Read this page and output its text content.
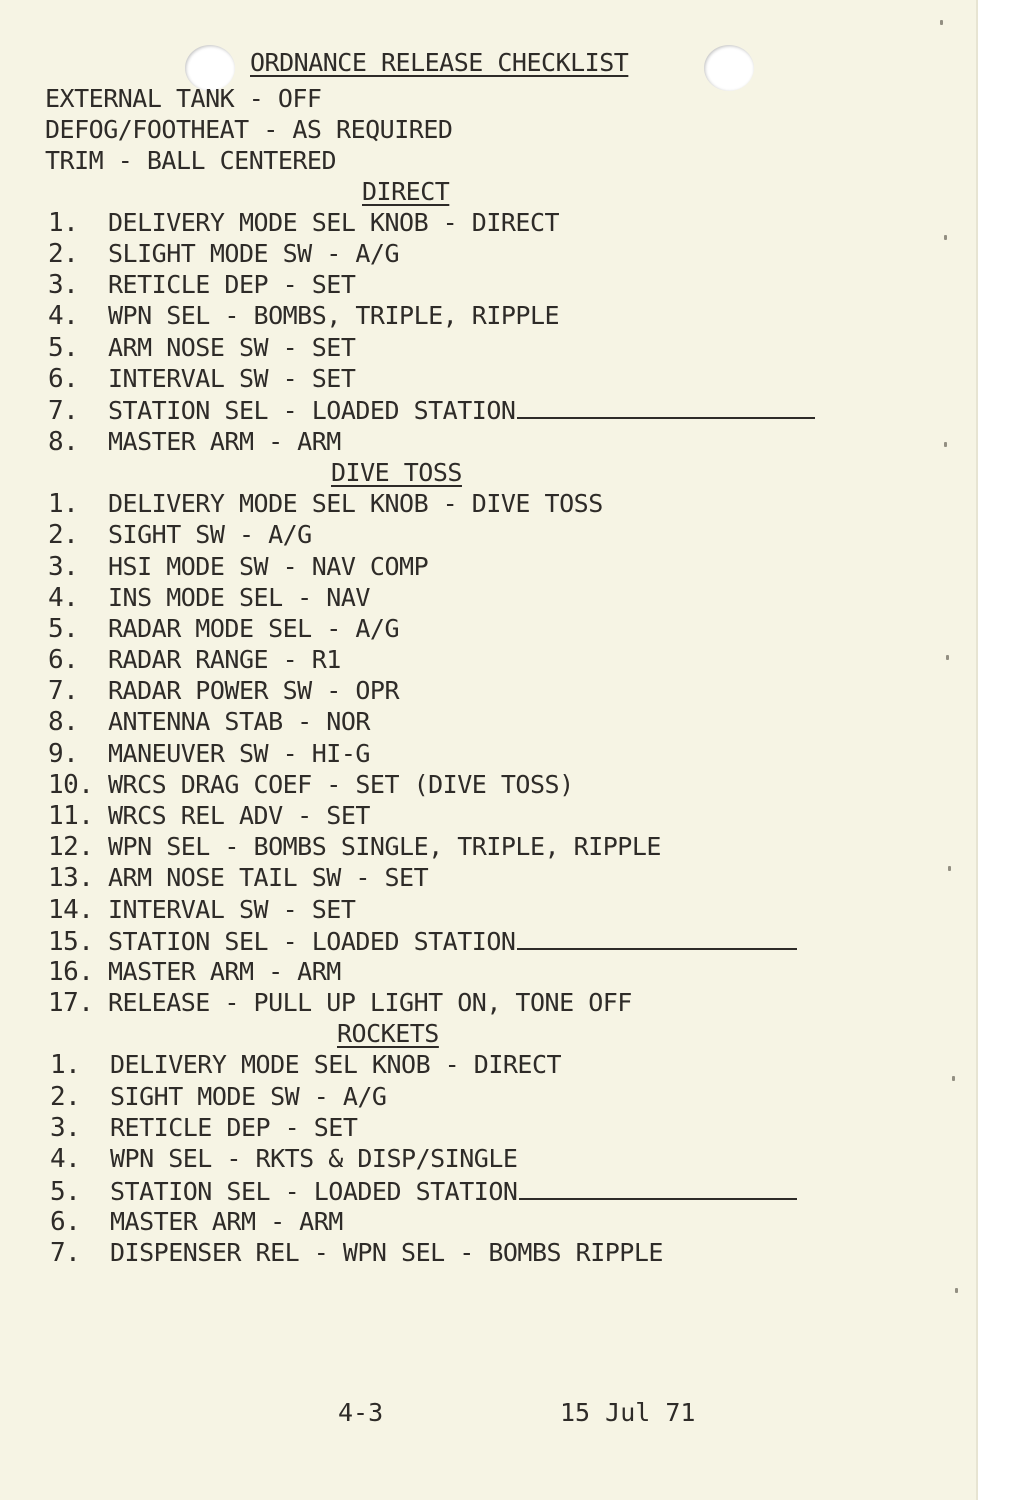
ORDNANCE RELEASE CHECKLIST
EXTERNAL TANK - OFF
DEFOG/FOOTHEAT - AS REQUIRED
TRIM - BALL CENTERED
DIRECT
1.	DELIVERY MODE SEL KNOB - DIRECT
2.	SLIGHT MODE SW - A/G
3.	RETICLE DEP - SET
4.	WPN SEL - BOMBS, TRIPLE, RIPPLE
5.	ARM NOSE SW - SET
6.	INTERVAL SW - SET
7.	STATION SEL - LOADED STATION
8.	MASTER ARM - ARM
DIVE TOSS
1.	DELIVERY MODE SEL KNOB - DIVE TOSS
2.	SIGHT SW - A/G
3.	HSI MODE SW - NAV COMP
4.	INS MODE SEL - NAV
5.	RADAR MODE SEL - A/G
6.	RADAR RANGE - R1
7.	RADAR POWER SW - OPR
8.	ANTENNA STAB - NOR
9.	MANEUVER SW - HI-G
10. WRCS DRAG COEF - SET (DIVE TOSS)
11. WRCS REL ADV - SET
12. WPN SEL - BOMBS SINGLE, TRIPLE, RIPPLE
13. ARM NOSE TAIL SW - SET
14. INTERVAL SW - SET
15. STATION SEL - LOADED STATION
16. MASTER ARM - ARM
17. RELEASE - PULL UP LIGHT ON, TONE OFF
ROCKETS
1.	DELIVERY MODE SEL KNOB - DIRECT
2.	SIGHT MODE SW - A/G
3.	RETICLE DEP - SET
4.	WPN SEL - RKTS & DISP/SINGLE
5.	STATION SEL - LOADED STATION
6.	MASTER ARM - ARM
7.	DISPENSER REL - WPN SEL - BOMBS RIPPLE
4-3	15 Jul 71
